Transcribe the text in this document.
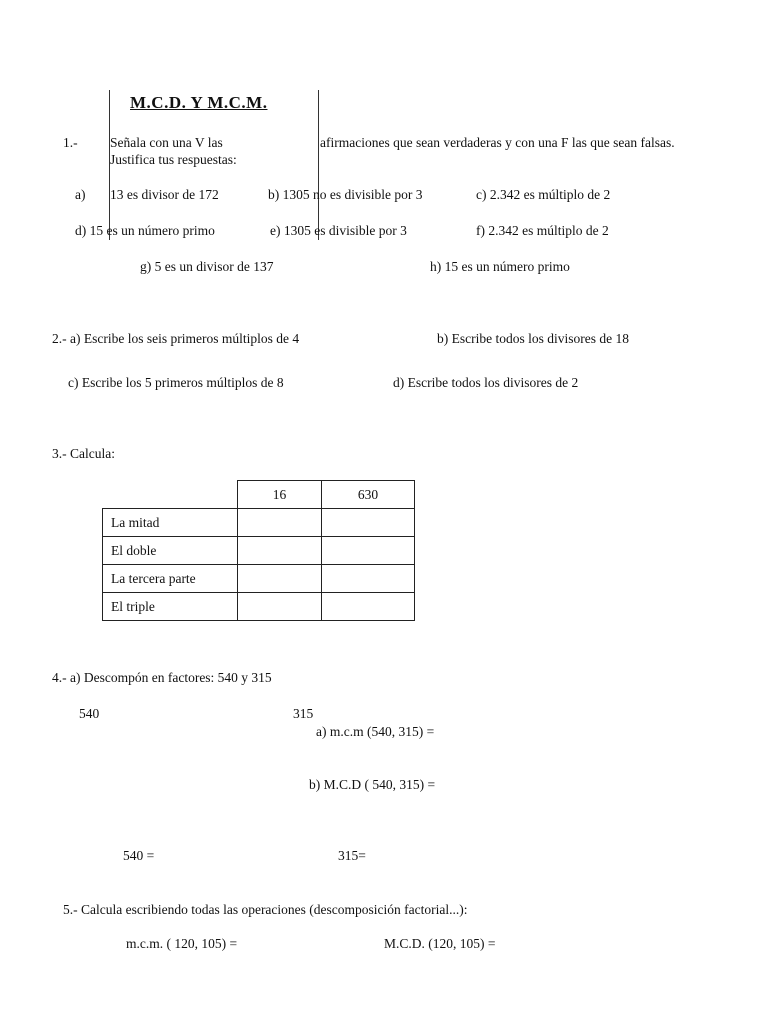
M.C.D. Y M.C.M.
1.- Señala con una V las	afirmaciones que sean verdaderas y con una F las que sean falsas.
Justifica tus respuestas:
a) 13 es divisor de 172	b) 1305 no es divisible por 3	c) 2.342 es múltiplo de 2
d) 15 es un número primo	e) 1305 es divisible por 3	f) 2.342 es múltiplo de 2
g) 5 es un divisor de 137	h) 15 es un número primo
2.- a) Escribe los seis primeros múltiplos de 4	b) Escribe todos los divisores de 18
c) Escribe los 5 primeros múltiplos de 8	d) Escribe todos los divisores de 2
3.- Calcula:
	16	630
La mitad		
El doble		
La tercera parte		
El triple		
4.- a) Descompón en factores: 540 y 315
540	315
a) m.c.m (540, 315) =
b) M.C.D ( 540, 315) =
540 =	315=
5.- Calcula escribiendo todas las operaciones (descomposición factorial...):
m.c.m. ( 120, 105) =	M.C.D. (120, 105) =
